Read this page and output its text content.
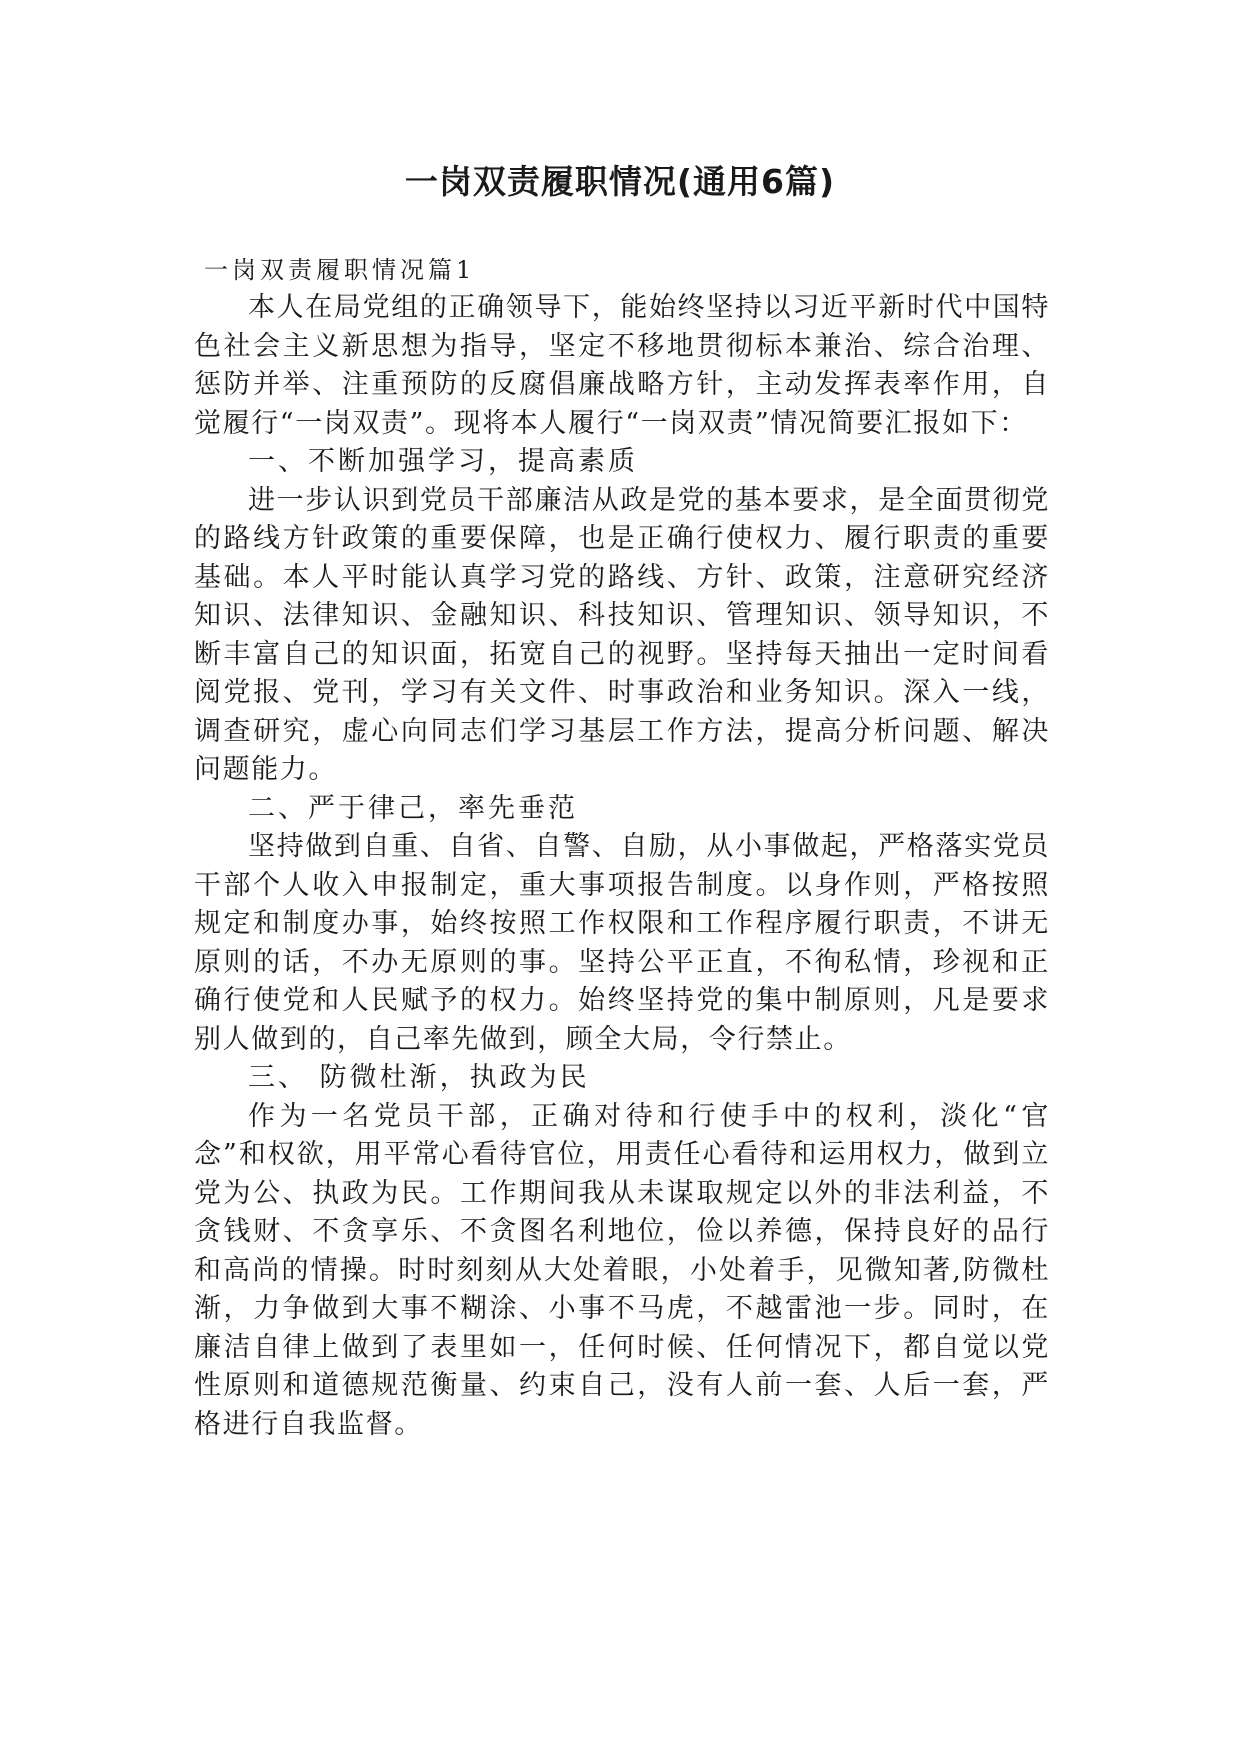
一岗双责履职情况(通用6篇)
一岗双责履职情况篇1

本人在局党组的正确领导下，能始终坚持以习近平新时代中国特色社会主义新思想为指导，坚定不移地贯彻标本兼治、综合治理、惩防并举、注重预防的反腐倡廉战略方针，主动发挥表率作用，自觉履行“一岗双责”。现将本人履行“一岗双责”情况简要汇报如下：

一、不断加强学习，提高素质

进一步认识到党员干部廉洁从政是党的基本要求，是全面贯彻党的路线方针政策的重要保障，也是正确行使权力、履行职责的重要基础。本人平时能认真学习党的路线、方针、政策，注意研究经济知识、法律知识、金融知识、科技知识、管理知识、领导知识，不断丰富自己的知识面，拓宽自己的视野。坚持每天抽出一定时间看阅党报、党刊，学习有关文件、时事政治和业务知识。深入一线，调查研究，虚心向同志们学习基层工作方法，提高分析问题、解决问题能力。

二、严于律己，率先垂范

坚持做到自重、自省、自警、自励，从小事做起，严格落实党员干部个人收入申报制定，重大事项报告制度。以身作则，严格按照规定和制度办事，始终按照工作权限和工作程序履行职责，不讲无原则的话，不办无原则的事。坚持公平正直，不徇私情，珍视和正确行使党和人民赋予的权力。始终坚持党的集中制原则，凡是要求别人做到的，自己率先做到，顾全大局，令行禁止。

三、 防微杜渐，执政为民

作为一名党员干部，正确对待和行使手中的权利，淡化“官念”和权欲，用平常心看待官位，用责任心看待和运用权力，做到立党为公、执政为民。工作期间我从未谋取规定以外的非法利益，不贪钱财、不贪享乐、不贪图名利地位，俭以养德，保持良好的品行和高尚的情操。时时刻刻从大处着眼，小处着手，见微知著,防微杜渐，力争做到大事不糊涂、小事不马虎，不越雷池一步。同时，在廉洁自律上做到了表里如一，任何时候、任何情况下，都自觉以党性原则和道德规范衡量、约束自己，没有人前一套、人后一套，严格进行自我监督。
